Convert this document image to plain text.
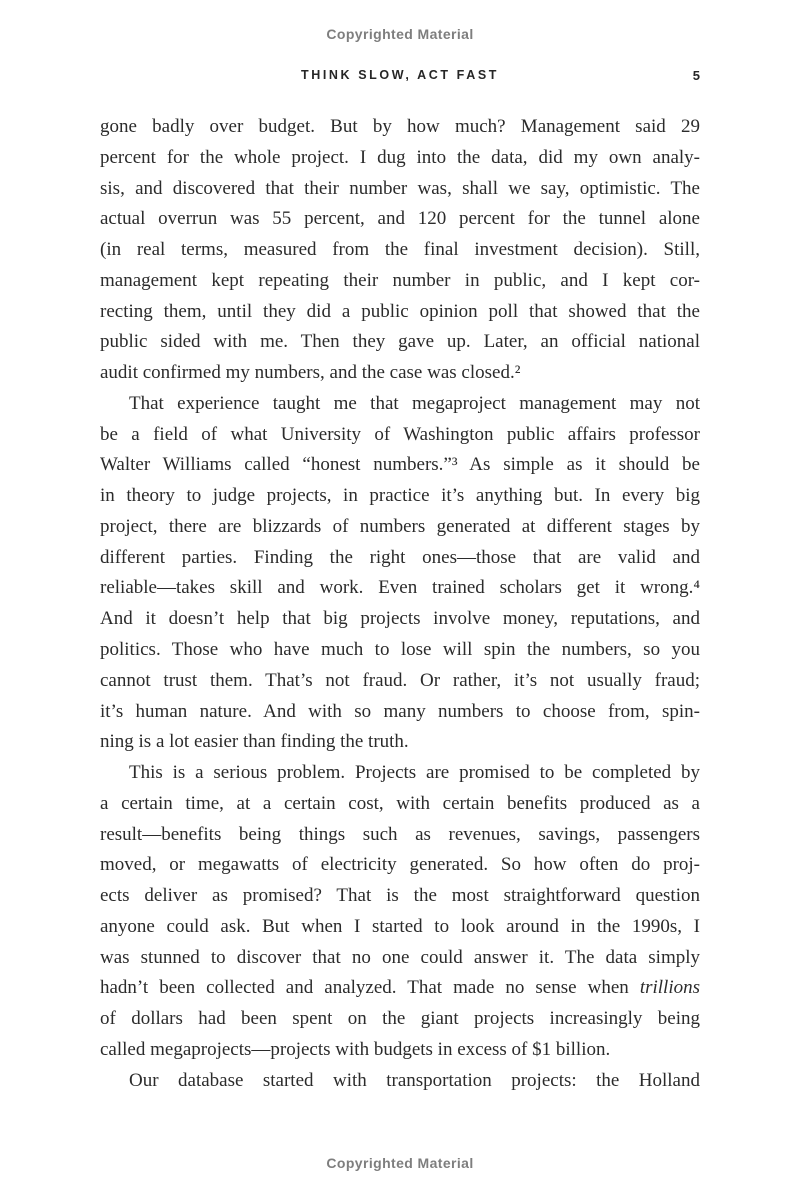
Copyrighted Material
THINK SLOW, ACT FAST	5
gone badly over budget. But by how much? Management said 29
percent for the whole project. I dug into the data, did my own analy-
sis, and discovered that their number was, shall we say, optimistic. The
actual overrun was 55 percent, and 120 percent for the tunnel alone
(in real terms, measured from the final investment decision). Still,
management kept repeating their number in public, and I kept cor-
recting them, until they did a public opinion poll that showed that the
public sided with me. Then they gave up. Later, an official national
audit confirmed my numbers, and the case was closed.²
That experience taught me that megaproject management may not
be a field of what University of Washington public affairs professor
Walter Williams called “honest numbers.”³ As simple as it should be
in theory to judge projects, in practice it’s anything but. In every big
project, there are blizzards of numbers generated at different stages by
different parties. Finding the right ones—those that are valid and
reliable—takes skill and work. Even trained scholars get it wrong.⁴
And it doesn’t help that big projects involve money, reputations, and
politics. Those who have much to lose will spin the numbers, so you
cannot trust them. That’s not fraud. Or rather, it’s not usually fraud;
it’s human nature. And with so many numbers to choose from, spin-
ning is a lot easier than finding the truth.
This is a serious problem. Projects are promised to be completed by
a certain time, at a certain cost, with certain benefits produced as a
result—benefits being things such as revenues, savings, passengers
moved, or megawatts of electricity generated. So how often do proj-
ects deliver as promised? That is the most straightforward question
anyone could ask. But when I started to look around in the 1990s, I
was stunned to discover that no one could answer it. The data simply
hadn’t been collected and analyzed. That made no sense when trillions
of dollars had been spent on the giant projects increasingly being
called megaprojects—projects with budgets in excess of $1 billion.
Our database started with transportation projects: the Holland
Copyrighted Material
